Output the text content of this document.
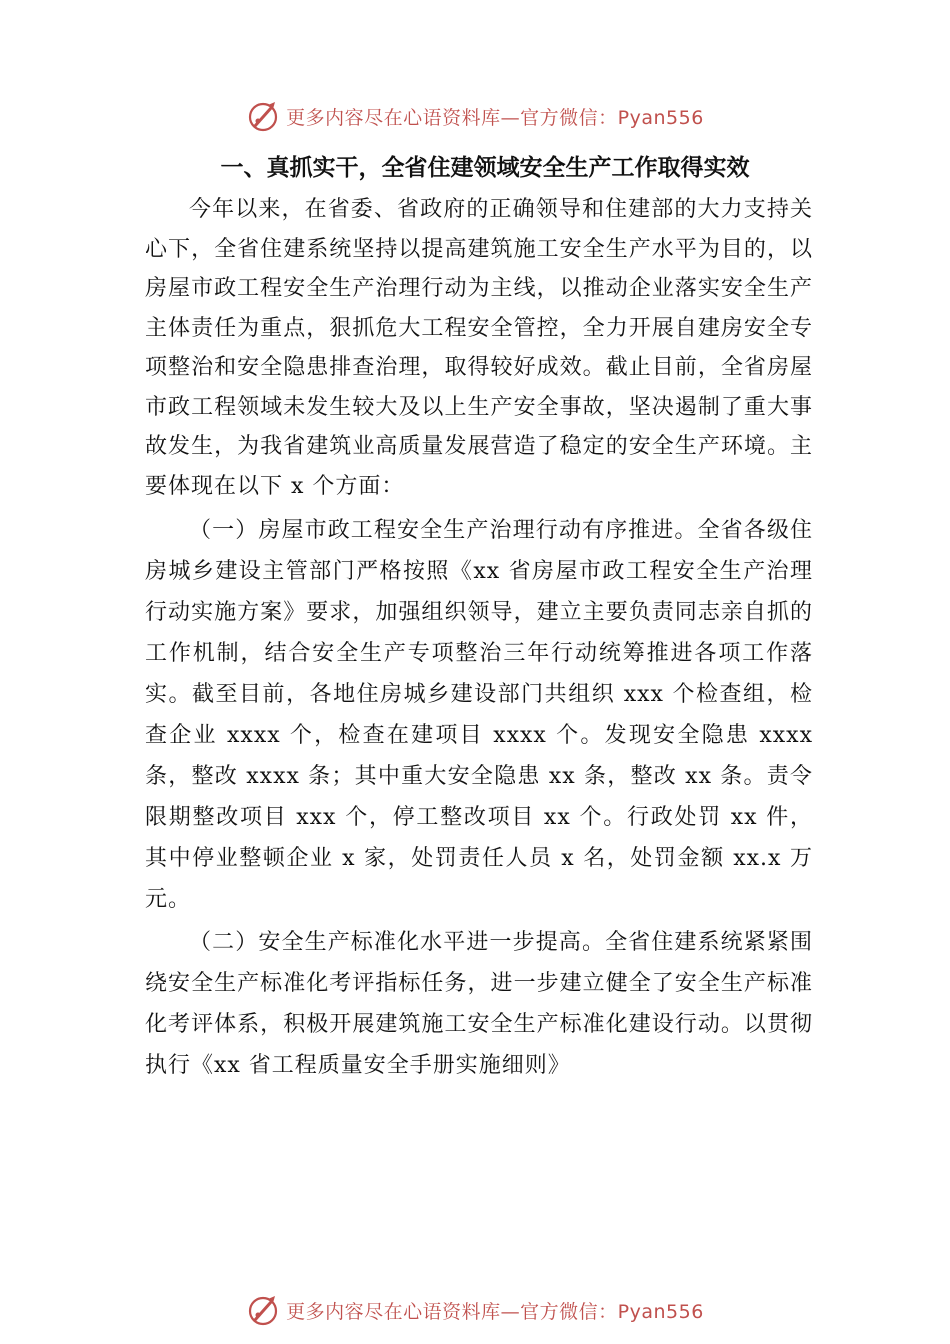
更多内容尽在心语资料库—官方微信：Pyan556
一、真抓实干，全省住建领域安全生产工作取得实效

今年以来，在省委、省政府的正确领导和住建部的大力支持关心下，全省住建系统坚持以提高建筑施工安全生产水平为目的，以房屋市政工程安全生产治理行动为主线，以推动企业落实安全生产主体责任为重点，狠抓危大工程安全管控，全力开展自建房安全专项整治和安全隐患排查治理，取得较好成效。截止目前，全省房屋市政工程领域未发生较大及以上生产安全事故，坚决遏制了重大事故发生，为我省建筑业高质量发展营造了稳定的安全生产环境。主要体现在以下 x 个方面：

（一）房屋市政工程安全生产治理行动有序推进。全省各级住房城乡建设主管部门严格按照《xx 省房屋市政工程安全生产治理行动实施方案》要求，加强组织领导，建立主要负责同志亲自抓的工作机制，结合安全生产专项整治三年行动统筹推进各项工作落实。截至目前，各地住房城乡建设部门共组织 xxx 个检查组，检查企业 xxxx 个，检查在建项目 xxxx 个。发现安全隐患 xxxx 条，整改 xxxx 条；其中重大安全隐患 xx 条，整改 xx 条。责令限期整改项目 xxx 个，停工整改项目 xx 个。行政处罚 xx 件，其中停业整顿企业 x 家，处罚责任人员 x 名，处罚金额 xx.x 万元。

（二）安全生产标准化水平进一步提高。全省住建系统紧紧围绕安全生产标准化考评指标任务，进一步建立健全了安全生产标准化考评体系，积极开展建筑施工安全生产标准化建设行动。以贯彻执行《xx 省工程质量安全手册实施细则》

更多内容尽在心语资料库—官方微信：Pyan556
